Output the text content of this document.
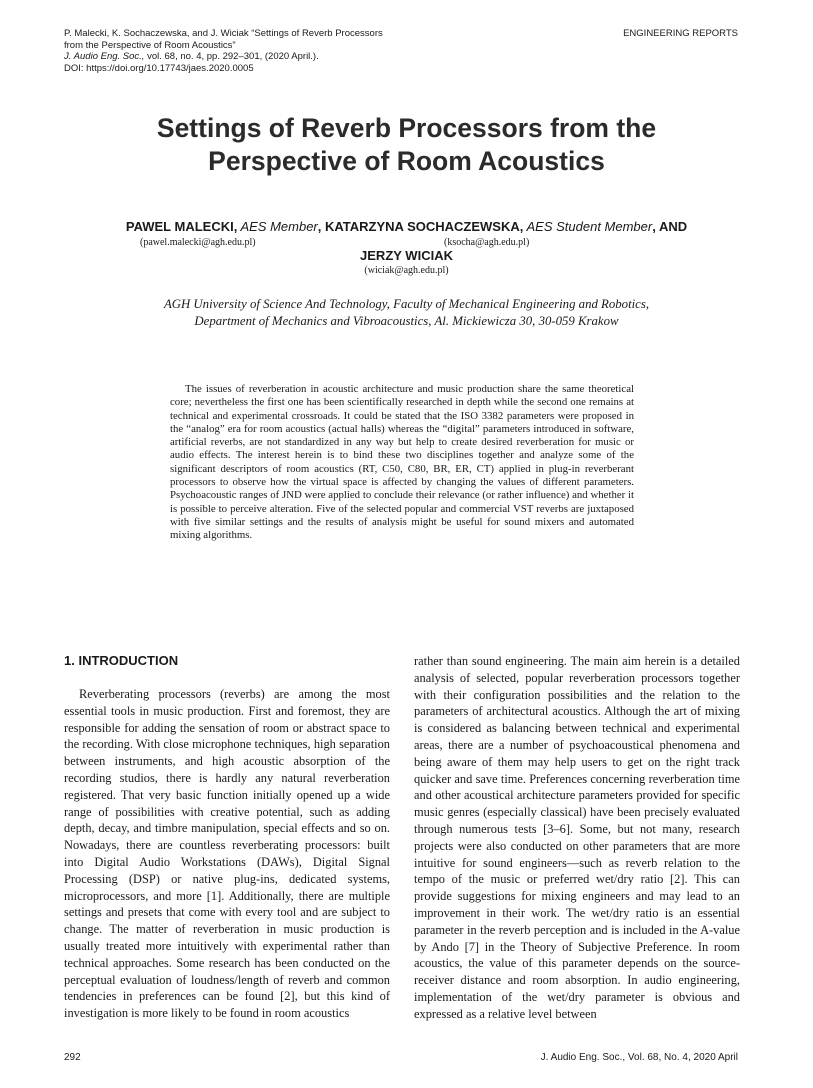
P. Malecki, K. Sochaczewska, and J. Wiciak “Settings of Reverb Processors
from the Perspective of Room Acoustics”
J. Audio Eng. Soc., vol. 68, no. 4, pp. 292–301, (2020 April.).
DOI: https://doi.org/10.17743/jaes.2020.0005
ENGINEERING REPORTS
Settings of Reverb Processors from the
Perspective of Room Acoustics
PAWEL MALECKI, AES Member, KATARZYNA SOCHACZEWSKA, AES Student Member, AND
(pawel.malecki@agh.edu.pl)	(ksocha@agh.edu.pl)
JERZY WICIAK
(wiciak@agh.edu.pl)
AGH University of Science And Technology, Faculty of Mechanical Engineering and Robotics,
Department of Mechanics and Vibroacoustics, Al. Mickiewicza 30, 30-059 Krakow

The issues of reverberation in acoustic architecture and music production share the same theoretical core; nevertheless the first one has been scientifically researched in depth while the second one remains at technical and experimental crossroads. It could be stated that the ISO 3382 parameters were proposed in the “analog” era for room acoustics (actual halls) whereas the “digital” parameters introduced in software, artificial reverbs, are not standardized in any way but help to create desired reverberation for music or audio effects. The interest herein is to bind these two disciplines together and analyze some of the significant descriptors of room acoustics (RT, C50, C80, BR, ER, CT) applied in plug-in reverberant processors to observe how the virtual space is affected by changing the values of different parameters. Psychoacoustic ranges of JND were applied to conclude their relevance (or rather influence) and whether it is possible to perceive alteration. Five of the selected popular and commercial VST reverbs are juxtaposed with five similar settings and the results of analysis might be useful for sound mixers and automated mixing algorithms.

1. INTRODUCTION

Reverberating processors (reverbs) are among the most essential tools in music production. First and foremost, they are responsible for adding the sensation of room or abstract space to the recording. With close microphone techniques, high separation between instruments, and high acoustic absorption of the recording studios, there is hardly any natural reverberation registered. That very basic function initially opened up a wide range of possibilities with creative potential, such as adding depth, decay, and timbre manipulation, special effects and so on. Nowadays, there are countless reverberating processors: built into Digital Audio Workstations (DAWs), Digital Signal Processing (DSP) or native plug-ins, dedicated systems, microprocessors, and more [1]. Additionally, there are multiple settings and presets that come with every tool and are subject to change. The matter of reverberation in music production is usually treated more intuitively with experimental rather than technical approaches. Some research has been conducted on the perceptual evaluation of loudness/length of reverb and common tendencies in preferences can be found [2], but this kind of investigation is more likely to be found in room acoustics

rather than sound engineering. The main aim herein is a detailed analysis of selected, popular reverberation processors together with their configuration possibilities and the relation to the parameters of architectural acoustics. Although the art of mixing is considered as balancing between technical and experimental areas, there are a number of psychoacoustical phenomena and being aware of them may help users to get on the right track quicker and save time. Preferences concerning reverberation time and other acoustical architecture parameters provided for specific music genres (especially classical) have been precisely evaluated through numerous tests [3–6]. Some, but not many, research projects were also conducted on other parameters that are more intuitive for sound engineers—such as reverb relation to the tempo of the music or preferred wet/dry ratio [2]. This can provide suggestions for mixing engineers and may lead to an improvement in their work. The wet/dry ratio is an essential parameter in the reverb perception and is included in the A-value by Ando [7] in the Theory of Subjective Preference. In room acoustics, the value of this parameter depends on the source-receiver distance and room absorption. In audio engineering, implementation of the wet/dry parameter is obvious and expressed as a relative level between

292	J. Audio Eng. Soc., Vol. 68, No. 4, 2020 April
